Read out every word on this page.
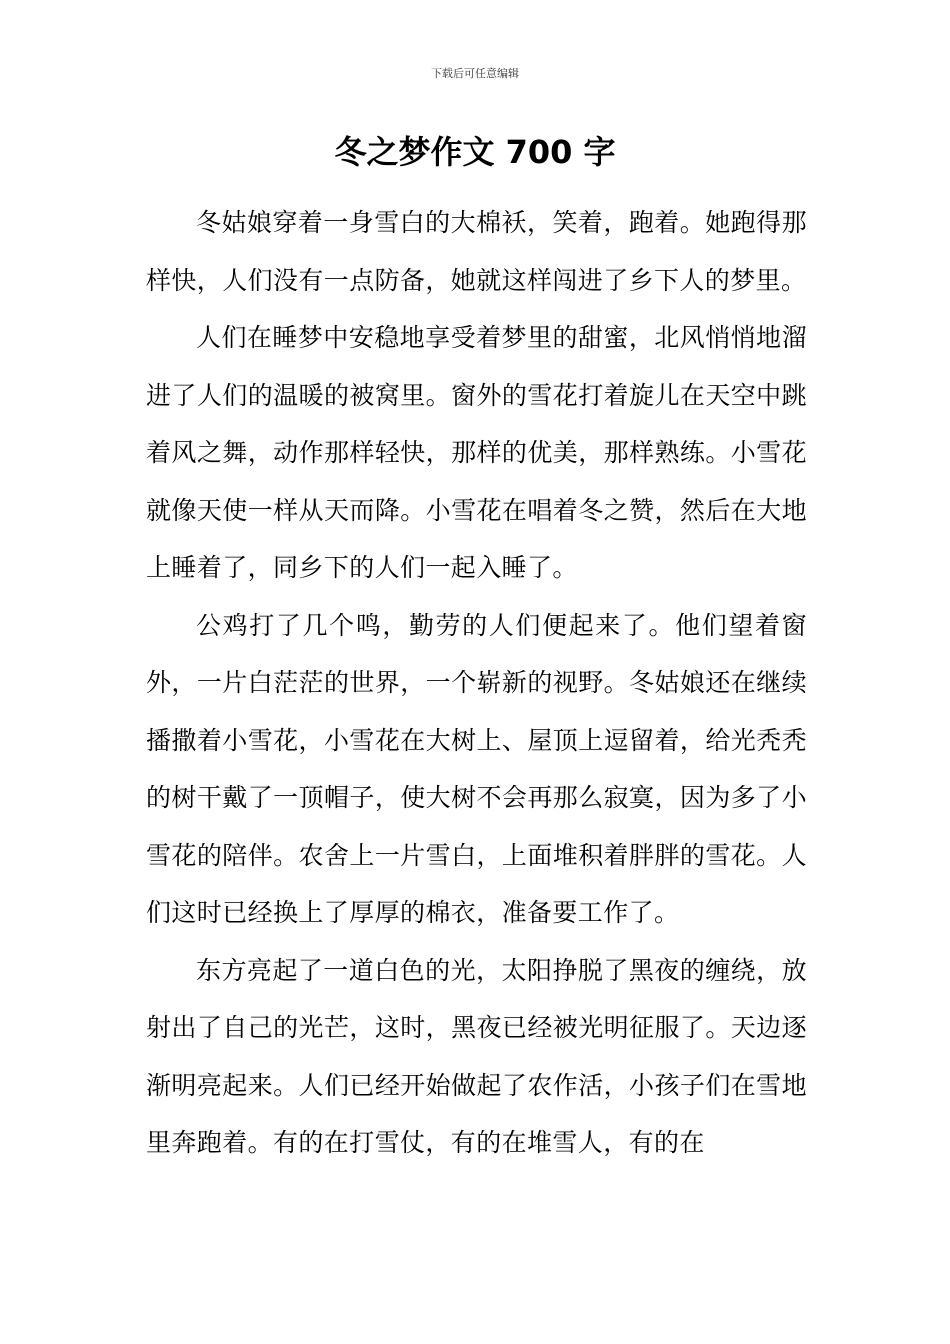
下载后可任意编辑
冬之梦作文 700 字

冬姑娘穿着一身雪白的大棉袄，笑着，跑着。她跑得那样快，人们没有一点防备，她就这样闯进了乡下人的梦里。

人们在睡梦中安稳地享受着梦里的甜蜜，北风悄悄地溜进了人们的温暖的被窝里。窗外的雪花打着旋儿在天空中跳着风之舞，动作那样轻快，那样的优美，那样熟练。小雪花就像天使一样从天而降。小雪花在唱着冬之赞，然后在大地上睡着了，同乡下的人们一起入睡了。

公鸡打了几个鸣，勤劳的人们便起来了。他们望着窗外，一片白茫茫的世界，一个崭新的视野。冬姑娘还在继续播撒着小雪花，小雪花在大树上、屋顶上逗留着，给光秃秃的树干戴了一顶帽子，使大树不会再那么寂寞，因为多了小雪花的陪伴。农舍上一片雪白，上面堆积着胖胖的雪花。人们这时已经换上了厚厚的棉衣，准备要工作了。

东方亮起了一道白色的光，太阳挣脱了黑夜的缠绕，放射出了自己的光芒，这时，黑夜已经被光明征服了。天边逐渐明亮起来。人们已经开始做起了农作活，小孩子们在雪地里奔跑着。有的在打雪仗，有的在堆雪人，有的在
